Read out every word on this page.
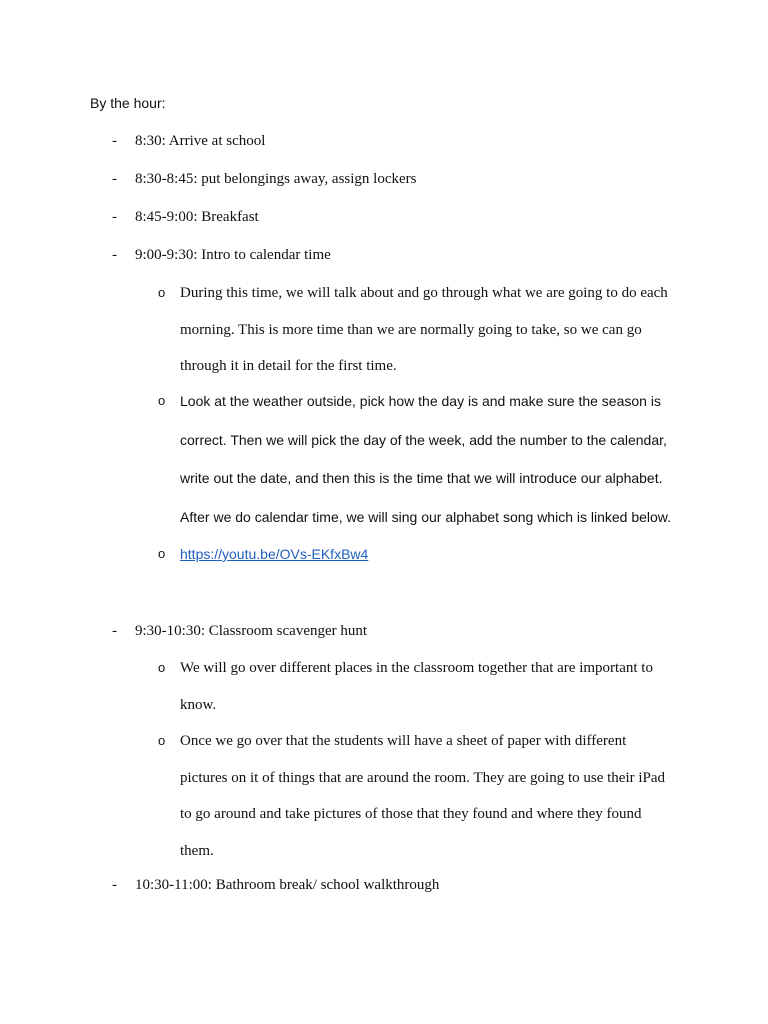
By the hour:
-	8:30: Arrive at school
-	8:30-8:45: put belongings away, assign lockers
-	8:45-9:00: Breakfast
-	9:00-9:30: Intro to calendar time
o During this time, we will talk about and go through what we are going to do each
morning. This is more time than we are normally going to take, so we can go
through it in detail for the first time.
o Look at the weather outside, pick how the day is and make sure the season is
correct. Then we will pick the day of the week, add the number to the calendar,
write out the date, and then this is the time that we will introduce our alphabet.
After we do calendar time, we will sing our alphabet song which is linked below.
o https://youtu.be/OVs-EKfxBw4
-	9:30-10:30: Classroom scavenger hunt
o We will go over different places in the classroom together that are important to
know.
o Once we go over that the students will have a sheet of paper with different
pictures on it of things that are around the room. They are going to use their iPad
to go around and take pictures of those that they found and where they found
them.
-	10:30-11:00: Bathroom break/ school walkthrough
